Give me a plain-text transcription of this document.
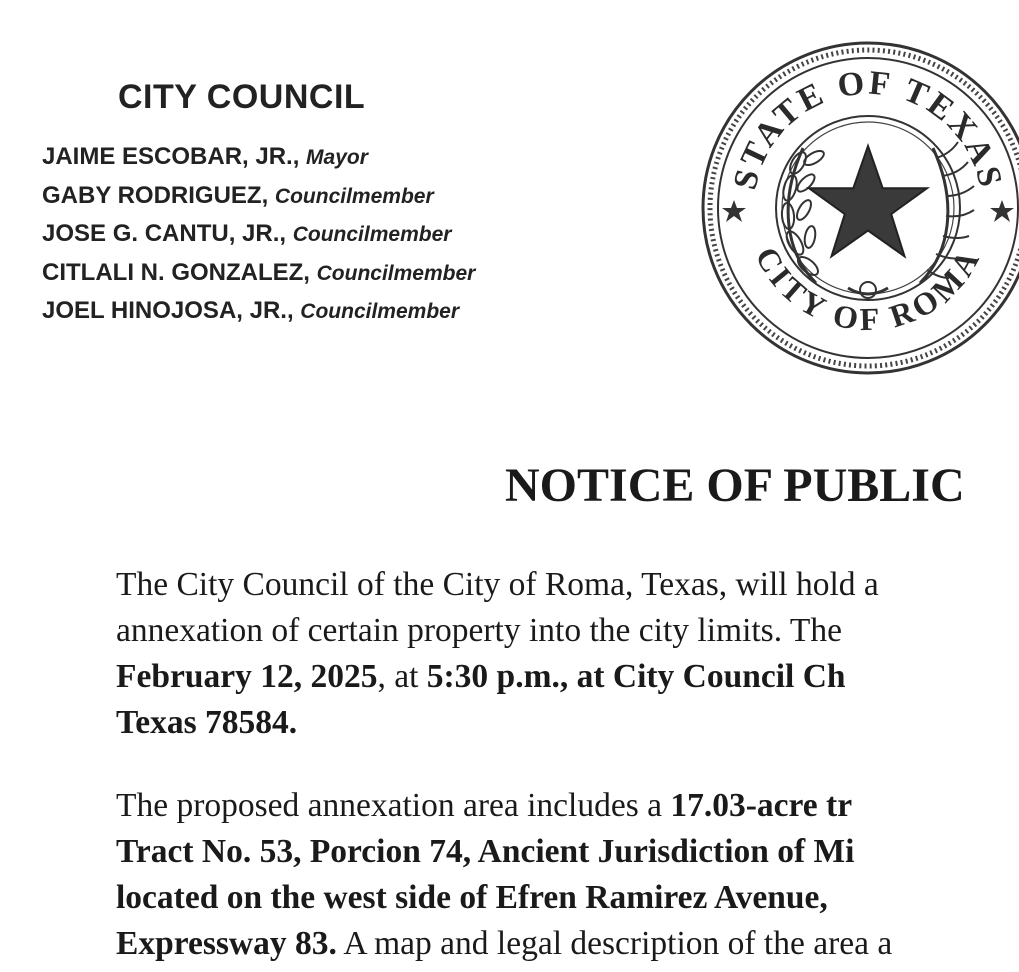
CITY COUNCIL
JAIME ESCOBAR, JR., Mayor
GABY RODRIGUEZ, Councilmember
JOSE G. CANTU, JR., Councilmember
CITLALI N. GONZALEZ, Councilmember
JOEL HINOJOSA, JR., Councilmember
STATE OF TEXAS
CITY OF ROMA
NOTICE OF PUBLIC

The City Council of the City of Roma, Texas, will hold a
annexation of certain property into the city limits. The
February 12, 2025, at 5:30 p.m., at City Council Ch
Texas 78584.

The proposed annexation area includes a 17.03-acre tr
Tract No. 53, Porcion 74, Ancient Jurisdiction of Mi
located on the west side of Efren Ramirez Avenue,
Expressway 83. A map and legal description of the area a
